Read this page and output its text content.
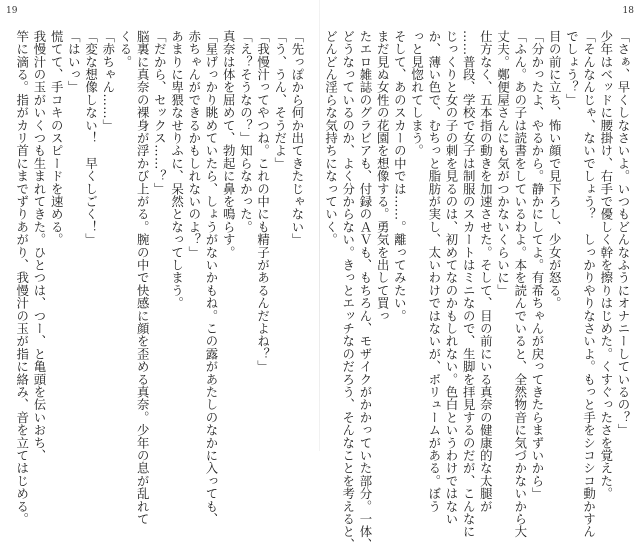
19	18
「さぁ、早くしなさいよ。いつもどんなふうにオナニーしているの？」
少年はベッドに腰掛け、右手で優しく幹を擦りはじめた。くすぐったさを覚えた。
「そんなんじゃ、ないでしょう？　しっかりやりなさいよ。もっと手をシコシコ動かすん
でしょう？」
目の前に立ち、怖い顔で見下ろし、少女が怒る。
「分かったよ、やるから。静かにしてよ。有希ちゃんが戻ってきたらまずいから」
「ふん。あの子は読書をしているわよ。本を読んでいると、全然物音に気づかないから大
丈夫。鄭便屋さんにも気がつかないくらいに」
仕方なく、五本指の動きを加速させた。そして、目の前にいる真奈の健康的な太腿が
……普段、学校で女子は制服のスカートはミニなので、生脚を拝見するのだが、こんなに
じっくりと女の子の刺を見るのは、初めてなのかもしれない。色白というわけではない
か、薄い色で、むちっと脂肪が実し、太いわけではないが、ボリュームがある。ぼう
っと見惚れてしまう。
そして、あのスカーの中では……。離ってみたい。
まだ見ぬ女性の花園を想像する。勇気を出して買っ
たエロ雑誌のグラビアも、付録のＡＶも、もちろん、モザイクがかかっていた部分。一体、
どうなっているのか、よく分からない。きっとエッチなのだろう、そんなことを考えると、
どんどん淫らな気持ちになっていく。
「先っぽから何か出てきたじゃない」
「う、うん、そうだよ」
「我慢汁ってやつね。これの中にも精子があるんだよね？」
「え？そうなの？」知らなかった。
真奈は体を屈めて、勃起に鼻を鳴らす。
「星げっかり眺めていたら、しょうがないかもね。この露があたしのなかに入っても、
赤ちゃんができるかもしれないのよ？」
あまりに卑猥なせりふに、呆然となってしまう。
「だから、セックス……？」
脳裏に真奈の裸身が浮かび上がる。腕の中で快感に顔を歪める真奈。少年の息が乱れて
くる。
「赤ちゃん……」
「変な想像しない！　早くしごく！」
「はいっ」
慌てて、手コキのスピードを速める。
我慢汁の玉がいくつも生まれてきた。ひとつは、つー、と亀頭を伝いおち、
竿に滴る。指がカリ首にまでずりあがり、我慢汁の玉が指に絡み、音を立てはじめる。
